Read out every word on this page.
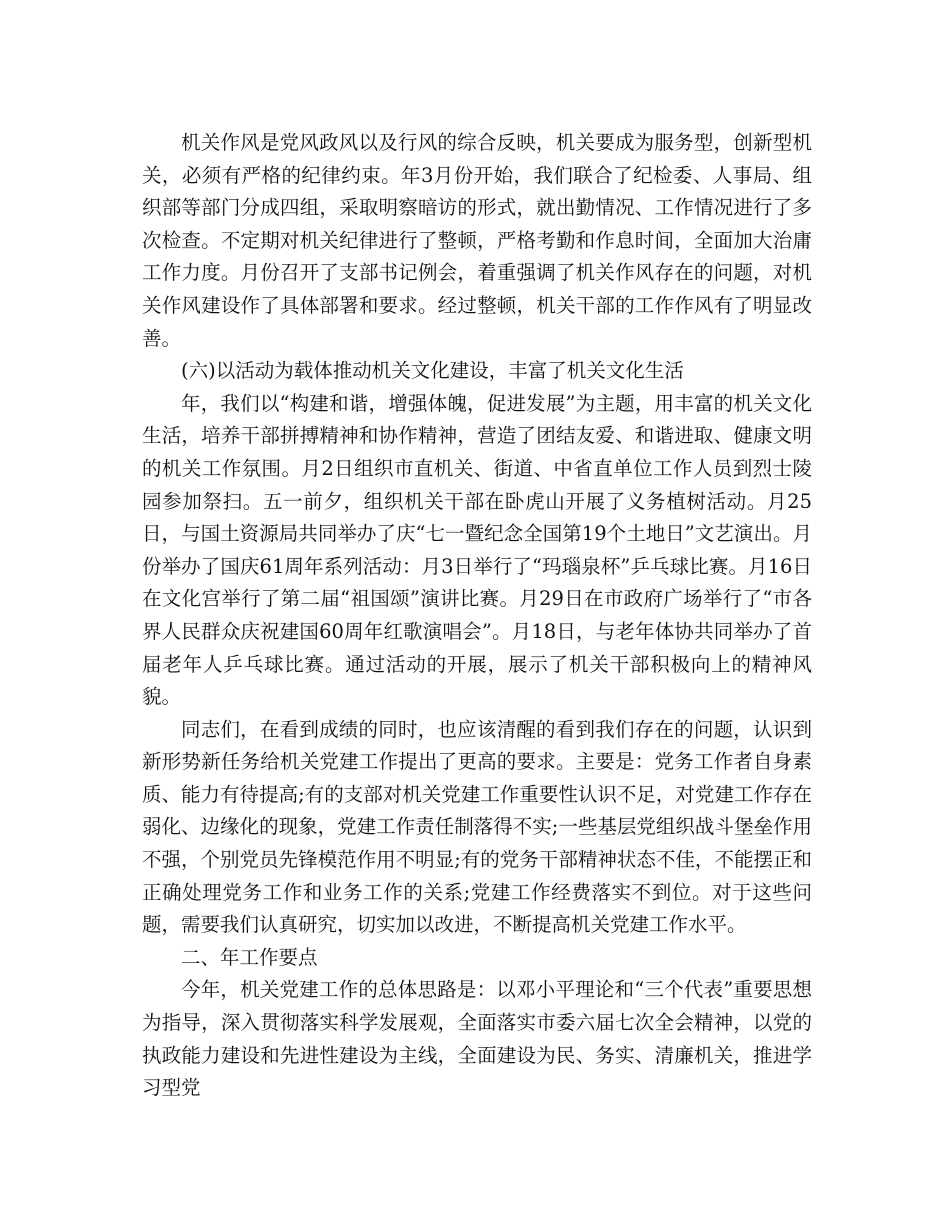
机关作风是党风政风以及行风的综合反映，机关要成为服务型，创新型机关，必须有严格的纪律约束。年3月份开始，我们联合了纪检委、人事局、组织部等部门分成四组，采取明察暗访的形式，就出勤情况、工作情况进行了多次检查。不定期对机关纪律进行了整顿，严格考勤和作息时间，全面加大治庸工作力度。月份召开了支部书记例会，着重强调了机关作风存在的问题，对机关作风建设作了具体部署和要求。经过整顿，机关干部的工作作风有了明显改善。

(六)以活动为载体推动机关文化建设，丰富了机关文化生活

年，我们以“构建和谐，增强体魄，促进发展”为主题，用丰富的机关文化生活，培养干部拼搏精神和协作精神，营造了团结友爱、和谐进取、健康文明的机关工作氛围。月2日组织市直机关、街道、中省直单位工作人员到烈士陵园参加祭扫。五一前夕，组织机关干部在卧虎山开展了义务植树活动。月25日，与国土资源局共同举办了庆“七一暨纪念全国第19个土地日”文艺演出。月份举办了国庆61周年系列活动：月3日举行了“玛瑙泉杯”乒乓球比赛。月16日在文化宫举行了第二届“祖国颂”演讲比赛。月29日在市政府广场举行了“市各界人民群众庆祝建国60周年红歌演唱会”。月18日，与老年体协共同举办了首届老年人乒乓球比赛。通过活动的开展，展示了机关干部积极向上的精神风貌。

同志们，在看到成绩的同时，也应该清醒的看到我们存在的问题，认识到新形势新任务给机关党建工作提出了更高的要求。主要是：党务工作者自身素质、能力有待提高;有的支部对机关党建工作重要性认识不足，对党建工作存在弱化、边缘化的现象，党建工作责任制落得不实;一些基层党组织战斗堡垒作用不强，个别党员先锋模范作用不明显;有的党务干部精神状态不佳，不能摆正和正确处理党务工作和业务工作的关系;党建工作经费落实不到位。对于这些问题，需要我们认真研究，切实加以改进，不断提高机关党建工作水平。

二、年工作要点

今年，机关党建工作的总体思路是：以邓小平理论和“三个代表”重要思想为指导，深入贯彻落实科学发展观，全面落实市委六届七次全会精神，以党的执政能力建设和先进性建设为主线，全面建设为民、务实、清廉机关，推进学习型党
